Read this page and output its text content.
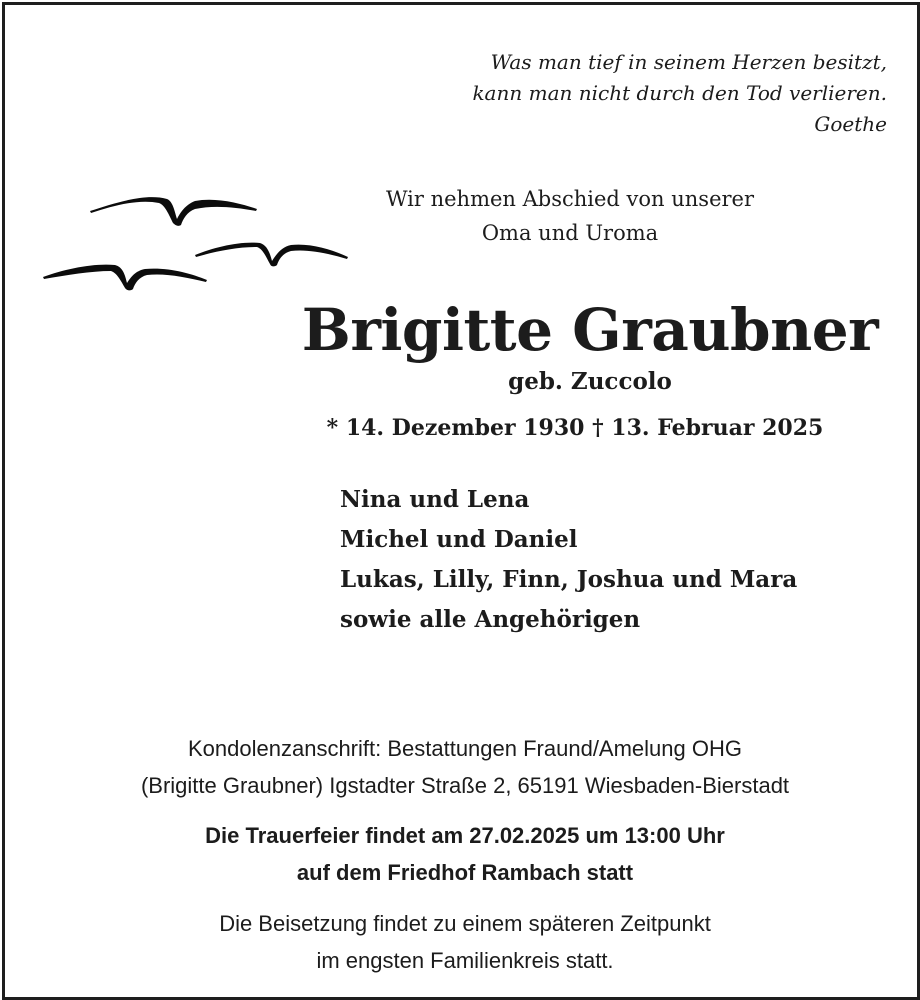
Was man tief in seinem Herzen besitzt,
kann man nicht durch den Tod verlieren.
Goethe
Wir nehmen Abschied von unserer
Oma und Uroma
Brigitte Graubner
geb. Zuccolo
* 14. Dezember 1930 † 13. Februar 2025
Nina und Lena
Michel und Daniel
Lukas, Lilly, Finn, Joshua und Mara
sowie alle Angehörigen
Kondolenzanschrift: Bestattungen Fraund/Amelung OHG
(Brigitte Graubner) Igstadter Straße 2, 65191 Wiesbaden-Bierstadt
Die Trauerfeier findet am 27.02.2025 um 13:00 Uhr
auf dem Friedhof Rambach statt
Die Beisetzung findet zu einem späteren Zeitpunkt
im engsten Familienkreis statt.
